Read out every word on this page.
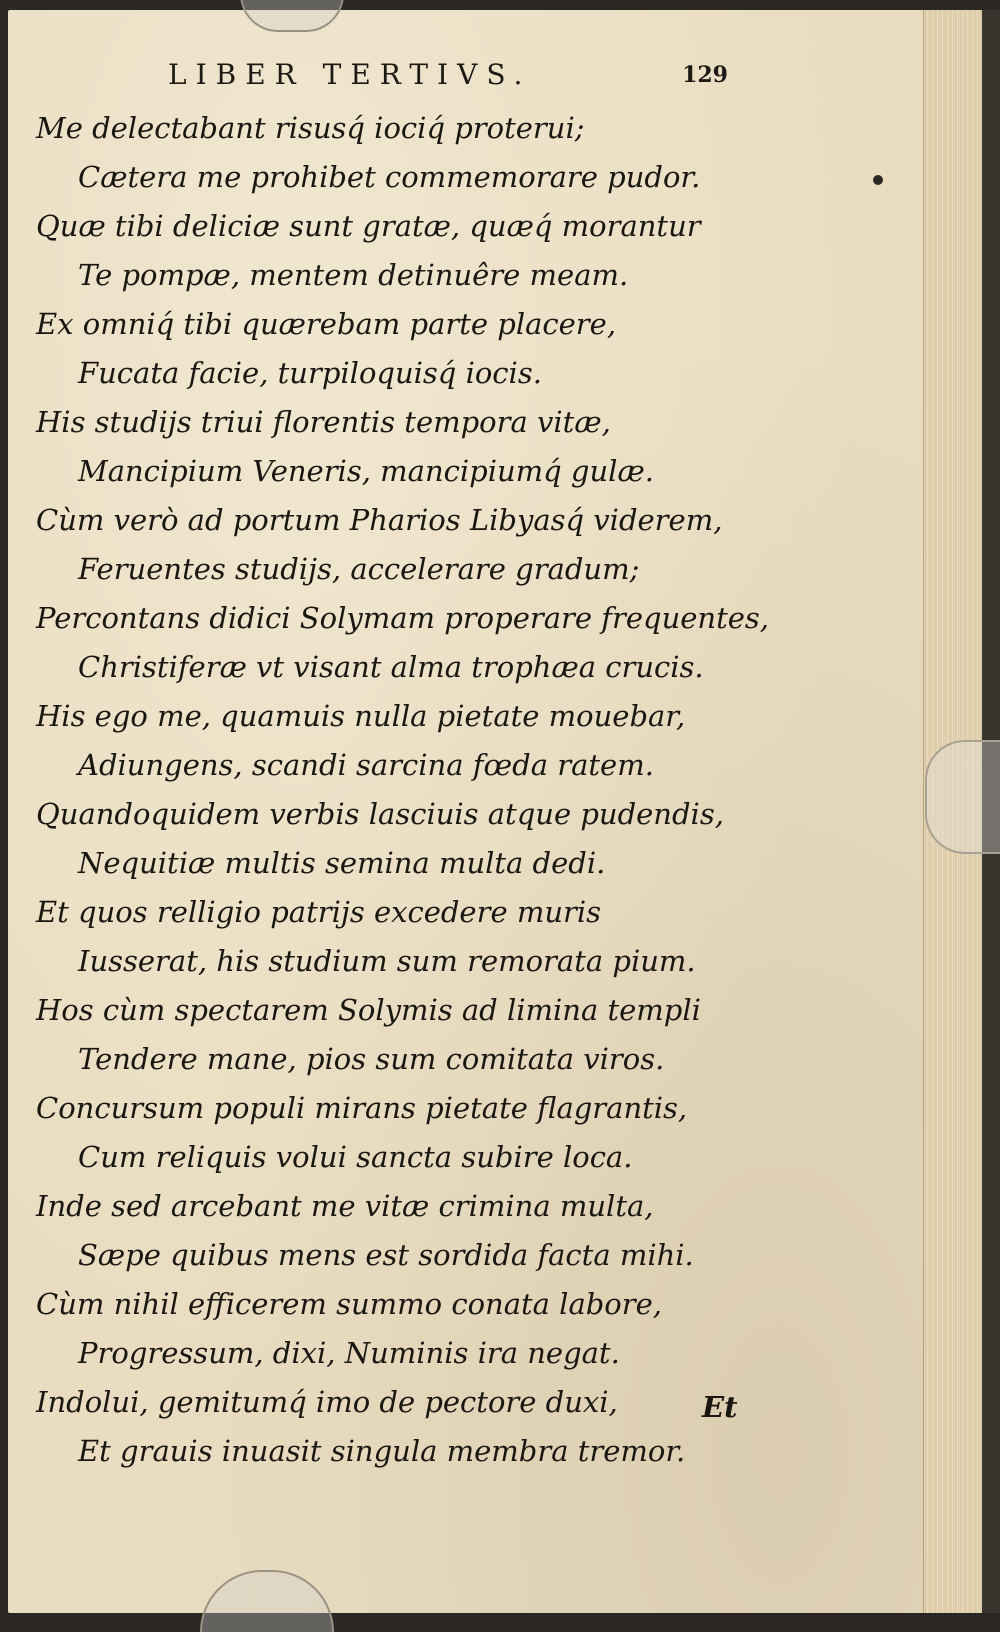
LIBER TERTIVS.	129
Me delectabant risusq́ iociq́ proterui;
Cætera me prohibet commemorare pudor.
Quæ tibi deliciæ sunt gratæ, quæq́ morantur
Te pompæ, mentem detinuêre meam.
Ex omniq́ tibi quærebam parte placere,
Fucata facie, turpiloquisq́ iocis.
His studijs triui florentis tempora vitæ,
Mancipium Veneris, mancipiumq́ gulæ.
Cùm verò ad portum Pharios Libyasq́ viderem,
Feruentes studijs, accelerare gradum;
Percontans didici Solymam properare frequentes,
Christiferæ vt visant alma trophæa crucis.
His ego me, quamuis nulla pietate mouebar,
Adiungens, scandi sarcina fœda ratem.
Quandoquidem verbis lasciuis atque pudendis,
Nequitiæ multis semina multa dedi.
Et quos relligio patrijs excedere muris
Iusserat, his studium sum remorata pium.
Hos cùm spectarem Solymis ad limina templi
Tendere mane, pios sum comitata viros.
Concursum populi mirans pietate flagrantis,
Cum reliquis volui sancta subire loca.
Inde sed arcebant me vitæ crimina multa,
Sæpe quibus mens est sordida facta mihi.
Cùm nihil efficerem summo conata labore,
Progressum, dixi, Numinis ira negat.
Indolui, gemitumq́ imo de pectore duxi,
Et grauis inuasit singula membra tremor.
Et
